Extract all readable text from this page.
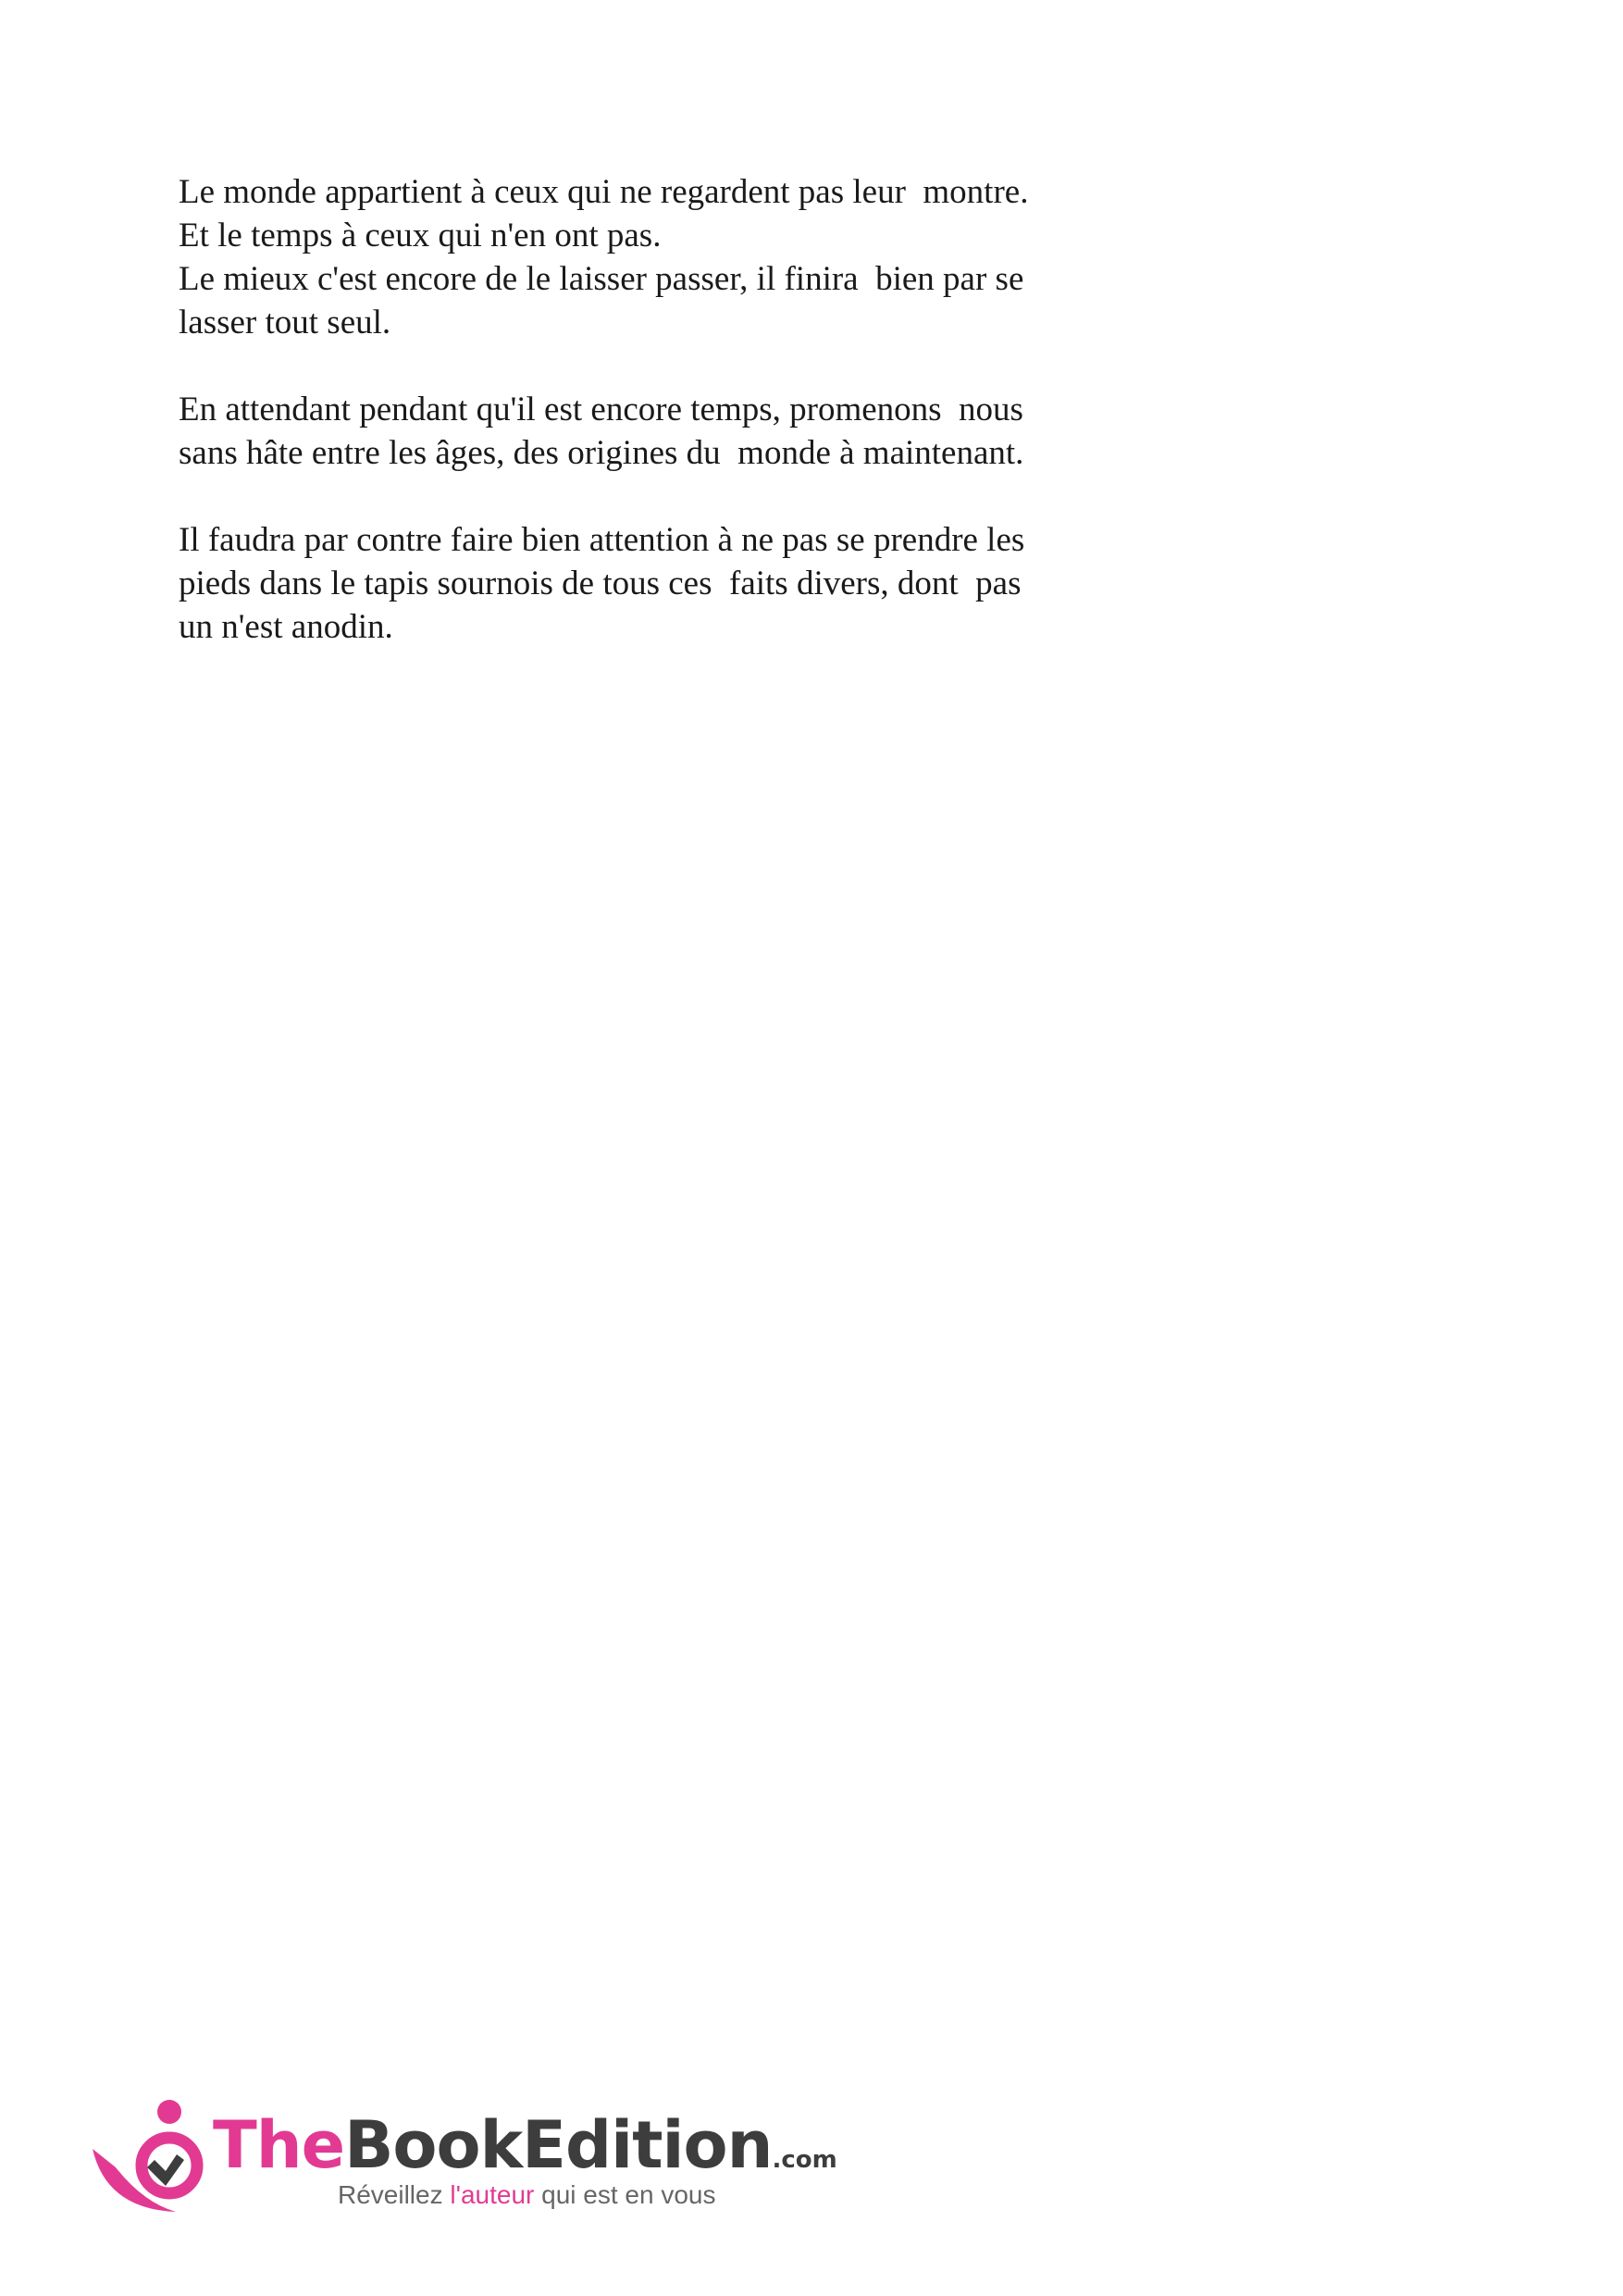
Le monde appartient à ceux qui ne regardent pas leur  montre.
Et le temps à ceux qui n'en ont pas.
Le mieux c'est encore de le laisser passer, il finira  bien par se
lasser tout seul.

En attendant pendant qu'il est encore temps, promenons  nous
sans hâte entre les âges, des origines du  monde à maintenant.

Il faudra par contre faire bien attention à ne pas se prendre les
pieds dans le tapis sournois de tous ces  faits divers, dont  pas
un n'est anodin.

TheBookEdition.com
Réveillez l'auteur qui est en vous
